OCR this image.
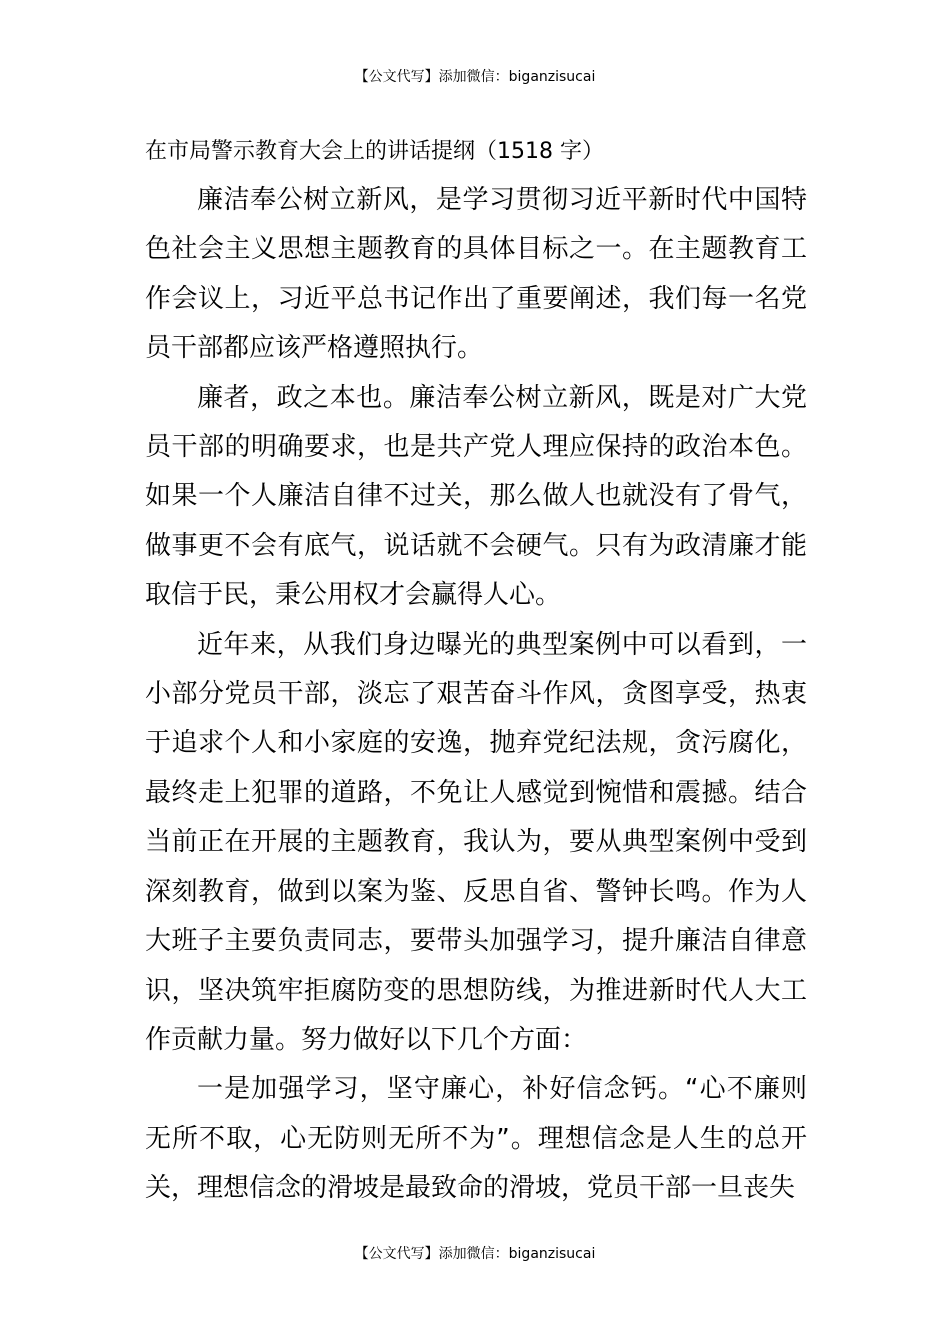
【公文代写】添加微信：biganzisucai

在市局警示教育大会上的讲话提纲（1518 字）

廉洁奉公树立新风，是学习贯彻习近平新时代中国特色社会主义思想主题教育的具体目标之一。在主题教育工作会议上，习近平总书记作出了重要阐述，我们每一名党员干部都应该严格遵照执行。

廉者，政之本也。廉洁奉公树立新风，既是对广大党员干部的明确要求，也是共产党人理应保持的政治本色。如果一个人廉洁自律不过关，那么做人也就没有了骨气，做事更不会有底气，说话就不会硬气。只有为政清廉才能取信于民，秉公用权才会赢得人心。

近年来，从我们身边曝光的典型案例中可以看到，一小部分党员干部，淡忘了艰苦奋斗作风，贪图享受，热衷于追求个人和小家庭的安逸，抛弃党纪法规，贪污腐化，最终走上犯罪的道路，不免让人感觉到惋惜和震撼。结合当前正在开展的主题教育，我认为，要从典型案例中受到深刻教育，做到以案为鉴、反思自省、警钟长鸣。作为人大班子主要负责同志，要带头加强学习，提升廉洁自律意识，坚决筑牢拒腐防变的思想防线，为推进新时代人大工作贡献力量。努力做好以下几个方面：

一是加强学习，坚守廉心，补好信念钙。“心不廉则无所不取，心无防则无所不为”。理想信念是人生的总开关，理想信念的滑坡是最致命的滑坡，党员干部一旦丧失

【公文代写】添加微信：biganzisucai
